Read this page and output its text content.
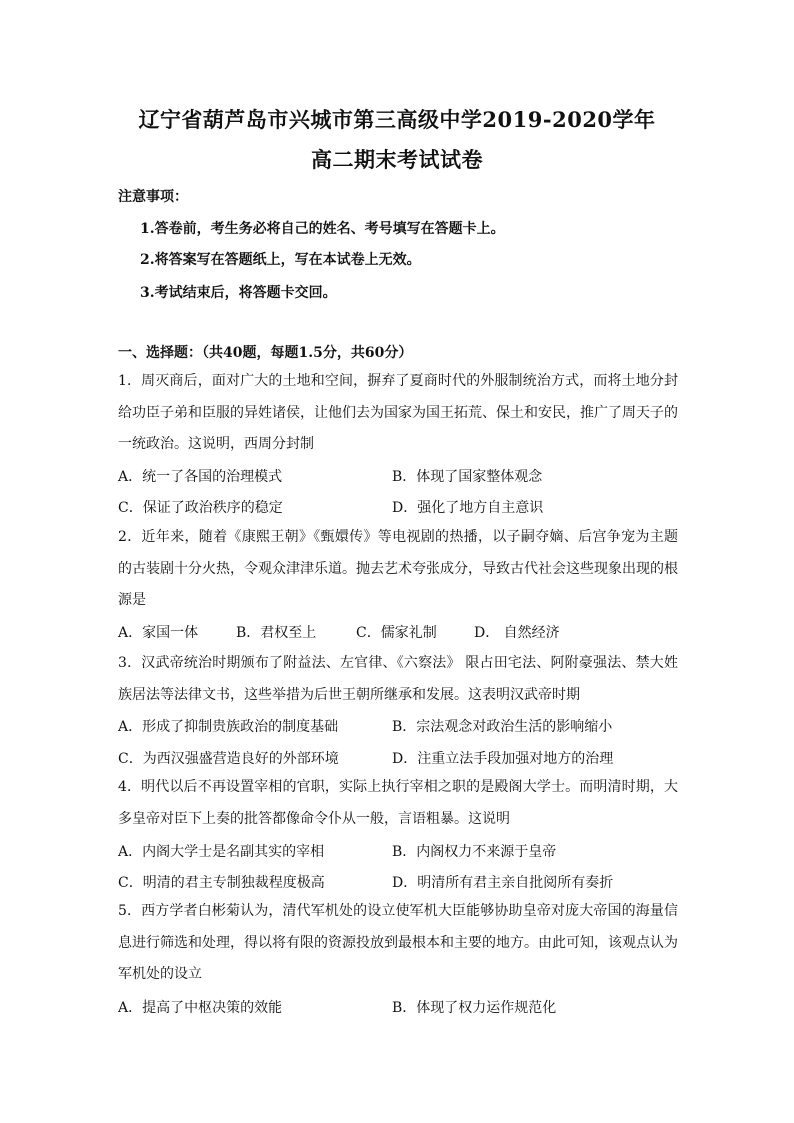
辽宁省葫芦岛市兴城市第三高级中学2019-2020学年
高二期末考试试卷
注意事项：
1.答卷前，考生务必将自己的姓名、考号填写在答题卡上。
2.将答案写在答题纸上，写在本试卷上无效。
3.考试结束后，将答题卡交回。
一、选择题：（共40题，每题1.5分，共60分）
1．周灭商后，面对广大的土地和空间，摒弃了夏商时代的外服制统治方式，而将土地分封给功臣子弟和臣服的异姓诸侯，让他们去为国家为国王拓荒、保土和安民，推广了周天子的一统政治。这说明，西周分封制
A．统一了各国的治理模式	B．体现了国家整体观念
C．保证了政治秩序的稳定	D．强化了地方自主意识
2．近年来，随着《康熙王朝》《甄嬛传》等电视剧的热播，以子嗣夺嫡、后宫争宠为主题的古装剧十分火热，令观众津津乐道。抛去艺术夸张成分，导致古代社会这些现象出现的根源是
A．家国一体	B．君权至上	C．儒家礼制	D． 自然经济
3．汉武帝统治时期颁布了附益法、左官律、《六察法》 限占田宅法、阿附豪强法、禁大姓族居法等法律文书，这些举措为后世王朝所继承和发展。这表明汉武帝时期
A．形成了抑制贵族政治的制度基础	B．宗法观念对政治生活的影响缩小
C．为西汉强盛营造良好的外部环境	D．注重立法手段加强对地方的治理
4．明代以后不再设置宰相的官职，实际上执行宰相之职的是殿阁大学士。而明清时期，大多皇帝对臣下上奏的批答都像命令仆从一般，言语粗暴。这说明
A．内阁大学士是名副其实的宰相	B．内阁权力不来源于皇帝
C．明清的君主专制独裁程度极高	D．明清所有君主亲自批阅所有奏折
5．西方学者白彬菊认为，清代军机处的设立使军机大臣能够协助皇帝对庞大帝国的海量信息进行筛选和处理，得以将有限的资源投放到最根本和主要的地方。由此可知，该观点认为军机处的设立
A．提高了中枢决策的效能	B．体现了权力运作规范化
